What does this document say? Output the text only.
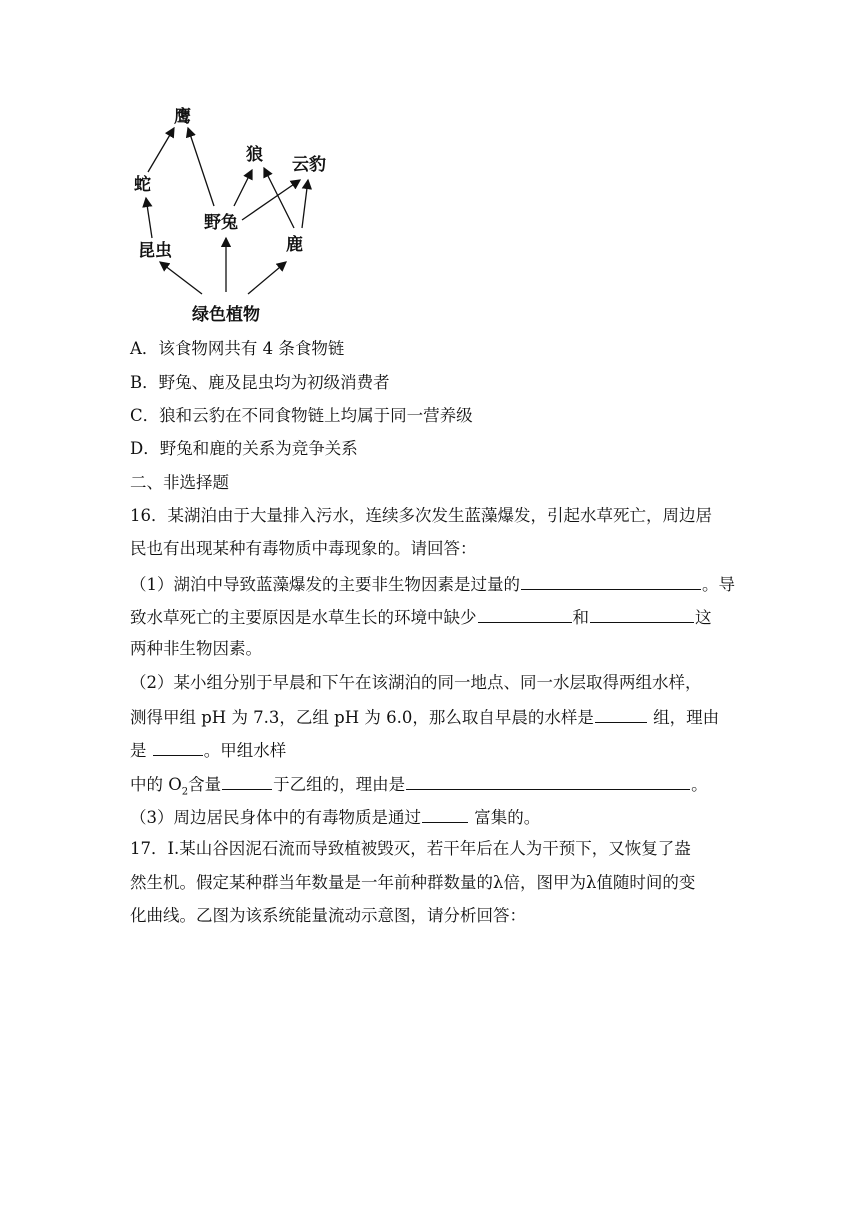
鹰
狼 云豹
蛇
野兔
鹿
昆虫
绿色植物
A．该食物网共有 4 条食物链
B．野兔、鹿及昆虫均为初级消费者
C．狼和云豹在不同食物链上均属于同一营养级
D．野兔和鹿的关系为竞争关系
二、非选择题
16．某湖泊由于大量排入污水，连续多次发生蓝藻爆发，引起水草死亡，周边居
民也有出现某种有毒物质中毒现象的。请回答：
（1）湖泊中导致蓝藻爆发的主要非生物因素是过量的	。导
致水草死亡的主要原因是水草生长的环境中缺少	和	这
两种非生物因素。
（2）某小组分别于早晨和下午在该湖泊的同一地点、同一水层取得两组水样，
测得甲组 pH 为 7.3，乙组 pH 为 6.0，那么取自早晨的水样是	组，理由
是	。甲组水样
中的 $O_2$含量	于乙组的，理由是	。
（3）周边居民身体中的有毒物质是通过	富集的。
17．Ⅰ.某山谷因泥石流而导致植被毁灭，若干年后在人为干预下，又恢复了盎
然生机。假定某种群当年数量是一年前种群数量的λ倍，图甲为λ值随时间的变
化曲线。乙图为该系统能量流动示意图，请分析回答：
